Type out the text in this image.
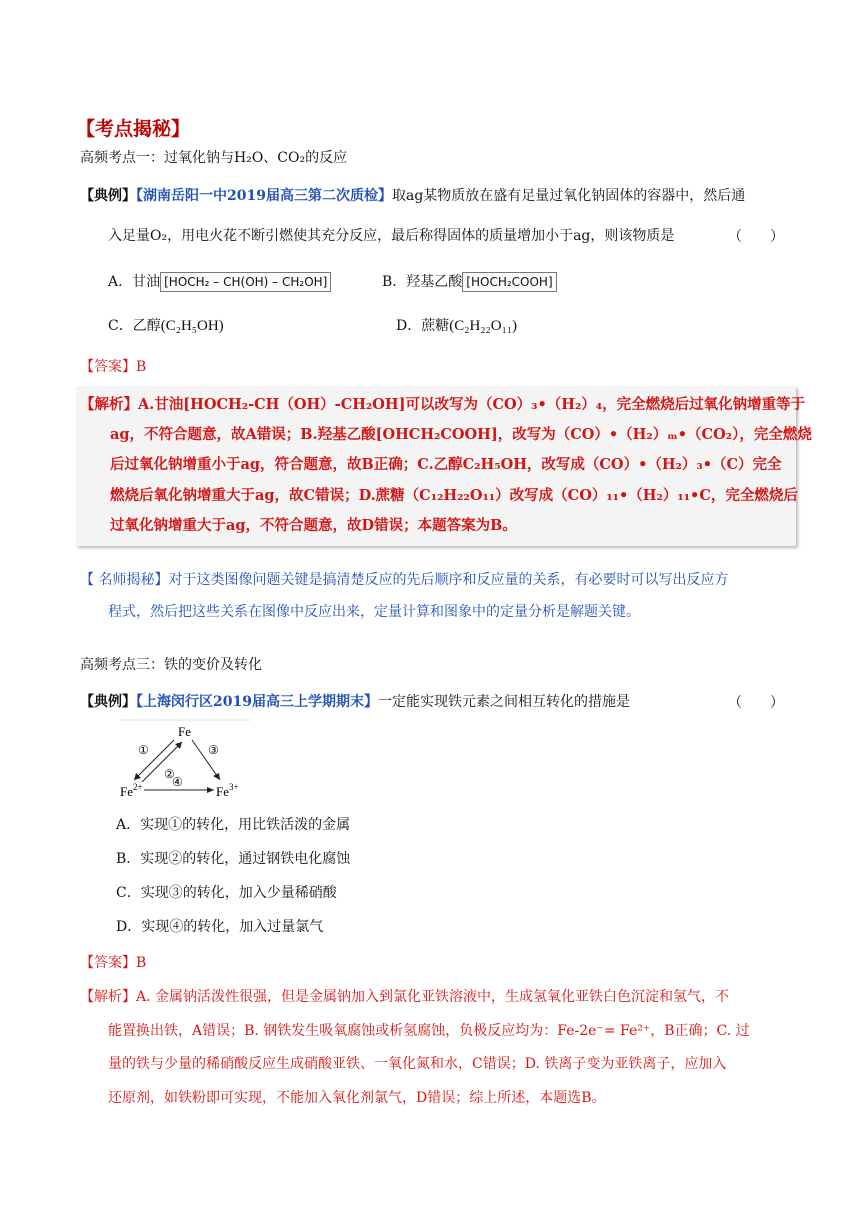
【考点揭秘】
高频考点一：过氧化钠与H₂O、CO₂的反应
【典例】【湖南岳阳一中2019届高三第二次质检】取ag某物质放在盛有足量过氧化钠固体的容器中，然后通
入足量O₂，用电火花不断引燃使其充分反应，最后称得固体的质量增加小于ag，则该物质是	（　　）
A．甘油 [HOCH₂ – CH(OH) – CH₂OH]	B．羟基乙酸 [HOCH₂COOH]
C．乙醇(C₂H₅OH)	D．蔗糖(C₂H₂₂O₁₁)
【答案】B
【解析】A.甘油[HOCH₂-CH（OH）-CH₂OH]可以改写为（CO）₃•（H₂）₄，完全燃烧后过氧化钠增重等于
ag，不符合题意，故A错误；B.羟基乙酸[OHCH₂COOH]，改写为（CO）•（H₂）ₘ•（CO₂），完全燃烧
后过氧化钠增重小于ag，符合题意，故B正确；C.乙醇C₂H₅OH，改写成（CO）•（H₂）₃•（C）完全
燃烧后氧化钠增重大于ag，故C错误；D.蔗糖（C₁₂H₂₂O₁₁）改写成（CO）₁₁•（H₂）₁₁•C，完全燃烧后
过氧化钠增重大于ag，不符合题意，故D错误；本题答案为B。
【 名师揭秘】对于这类图像问题关键是搞清楚反应的先后顺序和反应量的关系，有必要时可以写出反应方
程式，然后把这些关系在图像中反应出来，定量计算和图象中的定量分析是解题关键。
高频考点三：铁的变价及转化
【典例】【上海闵行区2019届高三上学期期末】一定能实现铁元素之间相互转化的措施是	（　　）
Fe
$Fe^{2+}$	$Fe^{3+}$
①
②
③
④
A．实现①的转化，用比铁活泼的金属
B．实现②的转化，通过钢铁电化腐蚀
C．实现③的转化，加入少量稀硝酸
D．实现④的转化，加入过量氯气
【答案】B
【解析】A. 金属钠活泼性很强，但是金属钠加入到氯化亚铁溶液中，生成氢氧化亚铁白色沉淀和氢气，不
能置换出铁，A错误；B. 钢铁发生吸氧腐蚀或析氢腐蚀，负极反应均为：Fe-2e⁻= Fe²⁺，B正确；C. 过
量的铁与少量的稀硝酸反应生成硝酸亚铁、一氧化氮和水，C错误；D. 铁离子变为亚铁离子，应加入
还原剂，如铁粉即可实现，不能加入氧化剂氯气，D错误；综上所述，本题选B。
